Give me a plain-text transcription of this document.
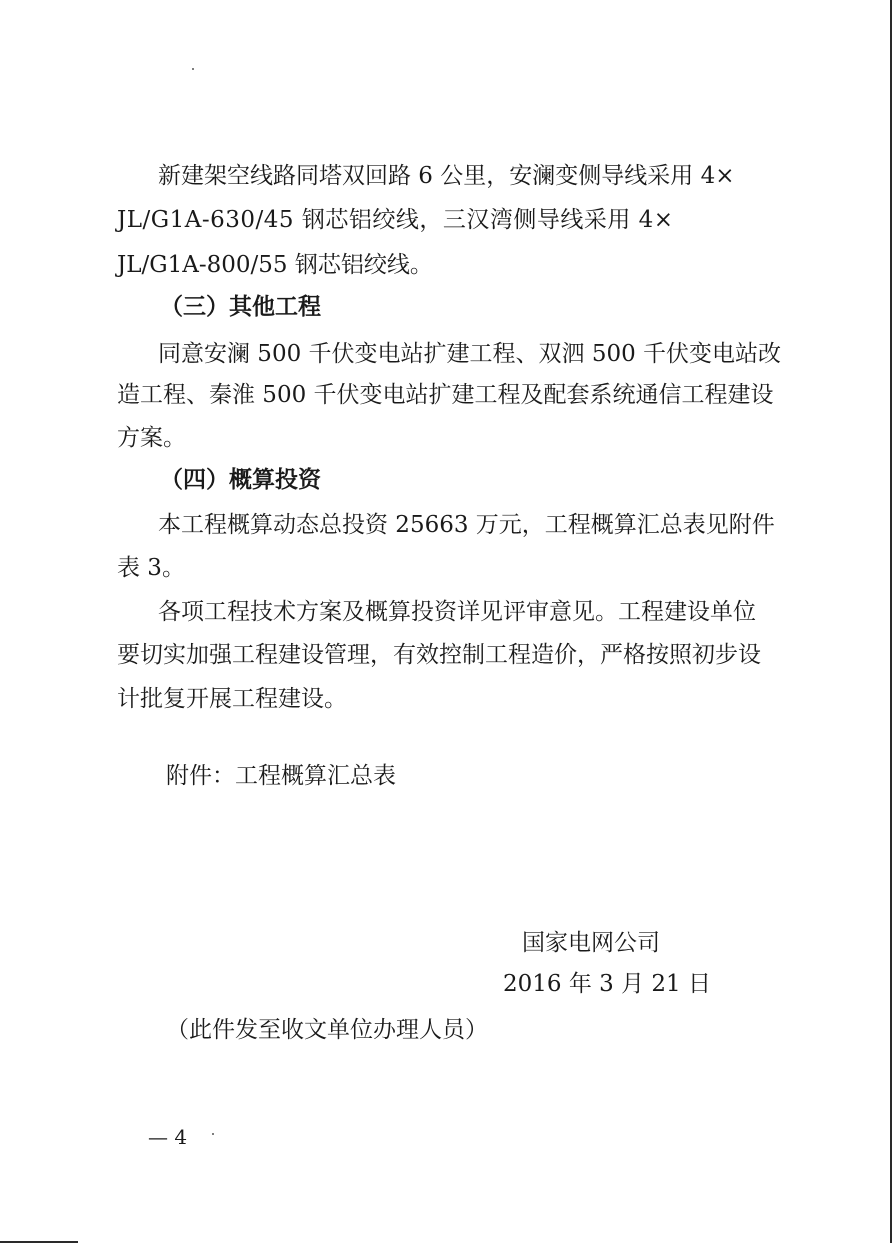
新建架空线路同塔双回路 6 公里，安澜变侧导线采用 4×
JL/G1A-630/45 钢芯铝绞线，三汉湾侧导线采用 4×
JL/G1A-800/55 钢芯铝绞线。
（三）其他工程
同意安澜 500 千伏变电站扩建工程、双泗 500 千伏变电站改
造工程、秦淮 500 千伏变电站扩建工程及配套系统通信工程建设
方案。
（四）概算投资
本工程概算动态总投资 25663 万元，工程概算汇总表见附件
表 3。
各项工程技术方案及概算投资详见评审意见。工程建设单位
要切实加强工程建设管理，有效控制工程造价，严格按照初步设
计批复开展工程建设。
附件：工程概算汇总表
国家电网公司
2016 年 3 月 21 日
（此件发至收文单位办理人员）
— 4
